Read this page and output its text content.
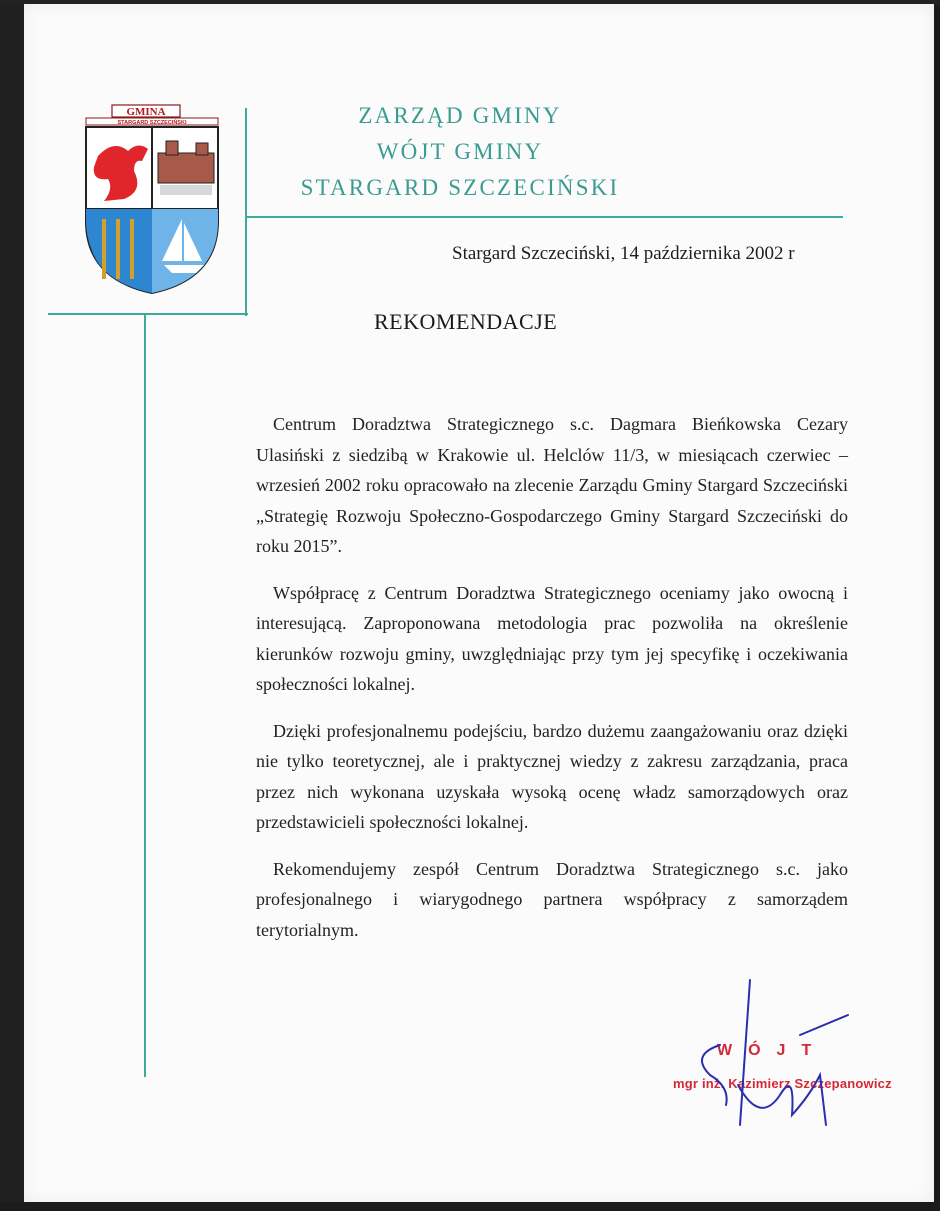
GMINA
STARGARD SZCZECIŃSKI	ZARZĄD GMINY
WÓJT GMINY
STARGARD SZCZECIŃSKI
Stargard Szczeciński, 14 października 2002 r
REKOMENDACJE

Centrum Doradztwa Strategicznego s.c. Dagmara Bieńkowska Cezary Ulasiński z siedzibą w Krakowie ul. Helclów 11/3, w miesiącach czerwiec – wrzesień 2002 roku opracowało na zlecenie Zarządu Gminy Stargard Szczeciński „Strategię Rozwoju Społeczno-Gospodarczego Gminy Stargard Szczeciński do roku 2015”.

Współpracę z Centrum Doradztwa Strategicznego oceniamy jako owocną i interesującą. Zaproponowana metodologia prac pozwoliła na określenie kierunków rozwoju gminy, uwzględniając przy tym jej specyfikę i oczekiwania społeczności lokalnej.

Dzięki profesjonalnemu podejściu, bardzo dużemu zaangażowaniu oraz dzięki nie tylko teoretycznej, ale i praktycznej wiedzy z zakresu zarządzania, praca przez nich wykonana uzyskała wysoką ocenę władz samorządowych oraz przedstawicieli społeczności lokalnej.

Rekomendujemy zespół Centrum Doradztwa Strategicznego s.c. jako profesjonalnego i wiarygodnego partnera współpracy z samorządem terytorialnym.

WÓJT
mgr inż. Kazimierz Szczepanowicz
